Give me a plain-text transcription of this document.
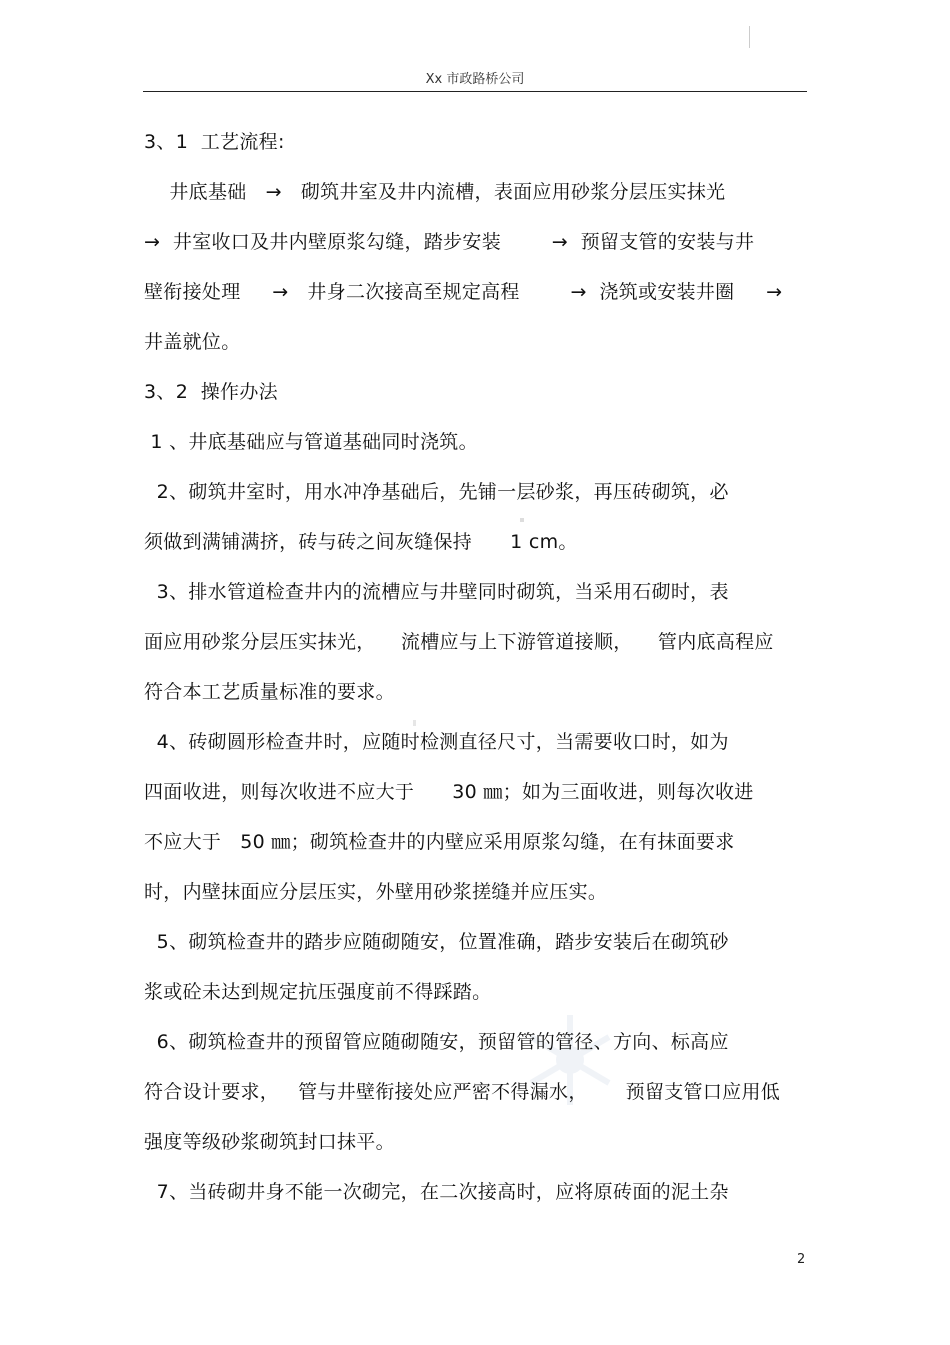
Xx 市政路桥公司
3、1  工艺流程:
井底基础   →   砌筑井室及井内流槽，表面应用砂浆分层压实抹光
→  井室收口及井内壁原浆勾缝，踏步安装        →  预留支管的安装与井
壁衔接处理     →   井身二次接高至规定高程        →  浇筑或安装井圈     →
井盖就位。
3、2  操作办法
1 、井底基础应与管道基础同时浇筑。
2、砌筑井室时，用水冲净基础后，先铺一层砂浆，再压砖砌筑，必
须做到满铺满挤，砖与砖之间灰缝保持      1 cm。
3、排水管道检查井内的流槽应与井壁同时砌筑，当采用石砌时，表
面应用砂浆分层压实抹光，    流槽应与上下游管道接顺，    管内底高程应
符合本工艺质量标准的要求。
4、砖砌圆形检查井时，应随时检测直径尺寸，当需要收口时，如为
四面收进，则每次收进不应大于      30 ㎜；如为三面收进，则每次收进
不应大于   50 ㎜；砌筑检查井的内壁应采用原浆勾缝，在有抹面要求
时，内壁抹面应分层压实，外壁用砂浆搓缝并应压实。
5、砌筑检查井的踏步应随砌随安，位置准确，踏步安装后在砌筑砂
浆或砼未达到规定抗压强度前不得踩踏。
6、砌筑检查井的预留管应随砌随安，预留管的管径、方向、标高应
符合设计要求，   管与井壁衔接处应严密不得漏水，      预留支管口应用低
强度等级砂浆砌筑封口抹平。
7、当砖砌井身不能一次砌完，在二次接高时，应将原砖面的泥土杂
2
